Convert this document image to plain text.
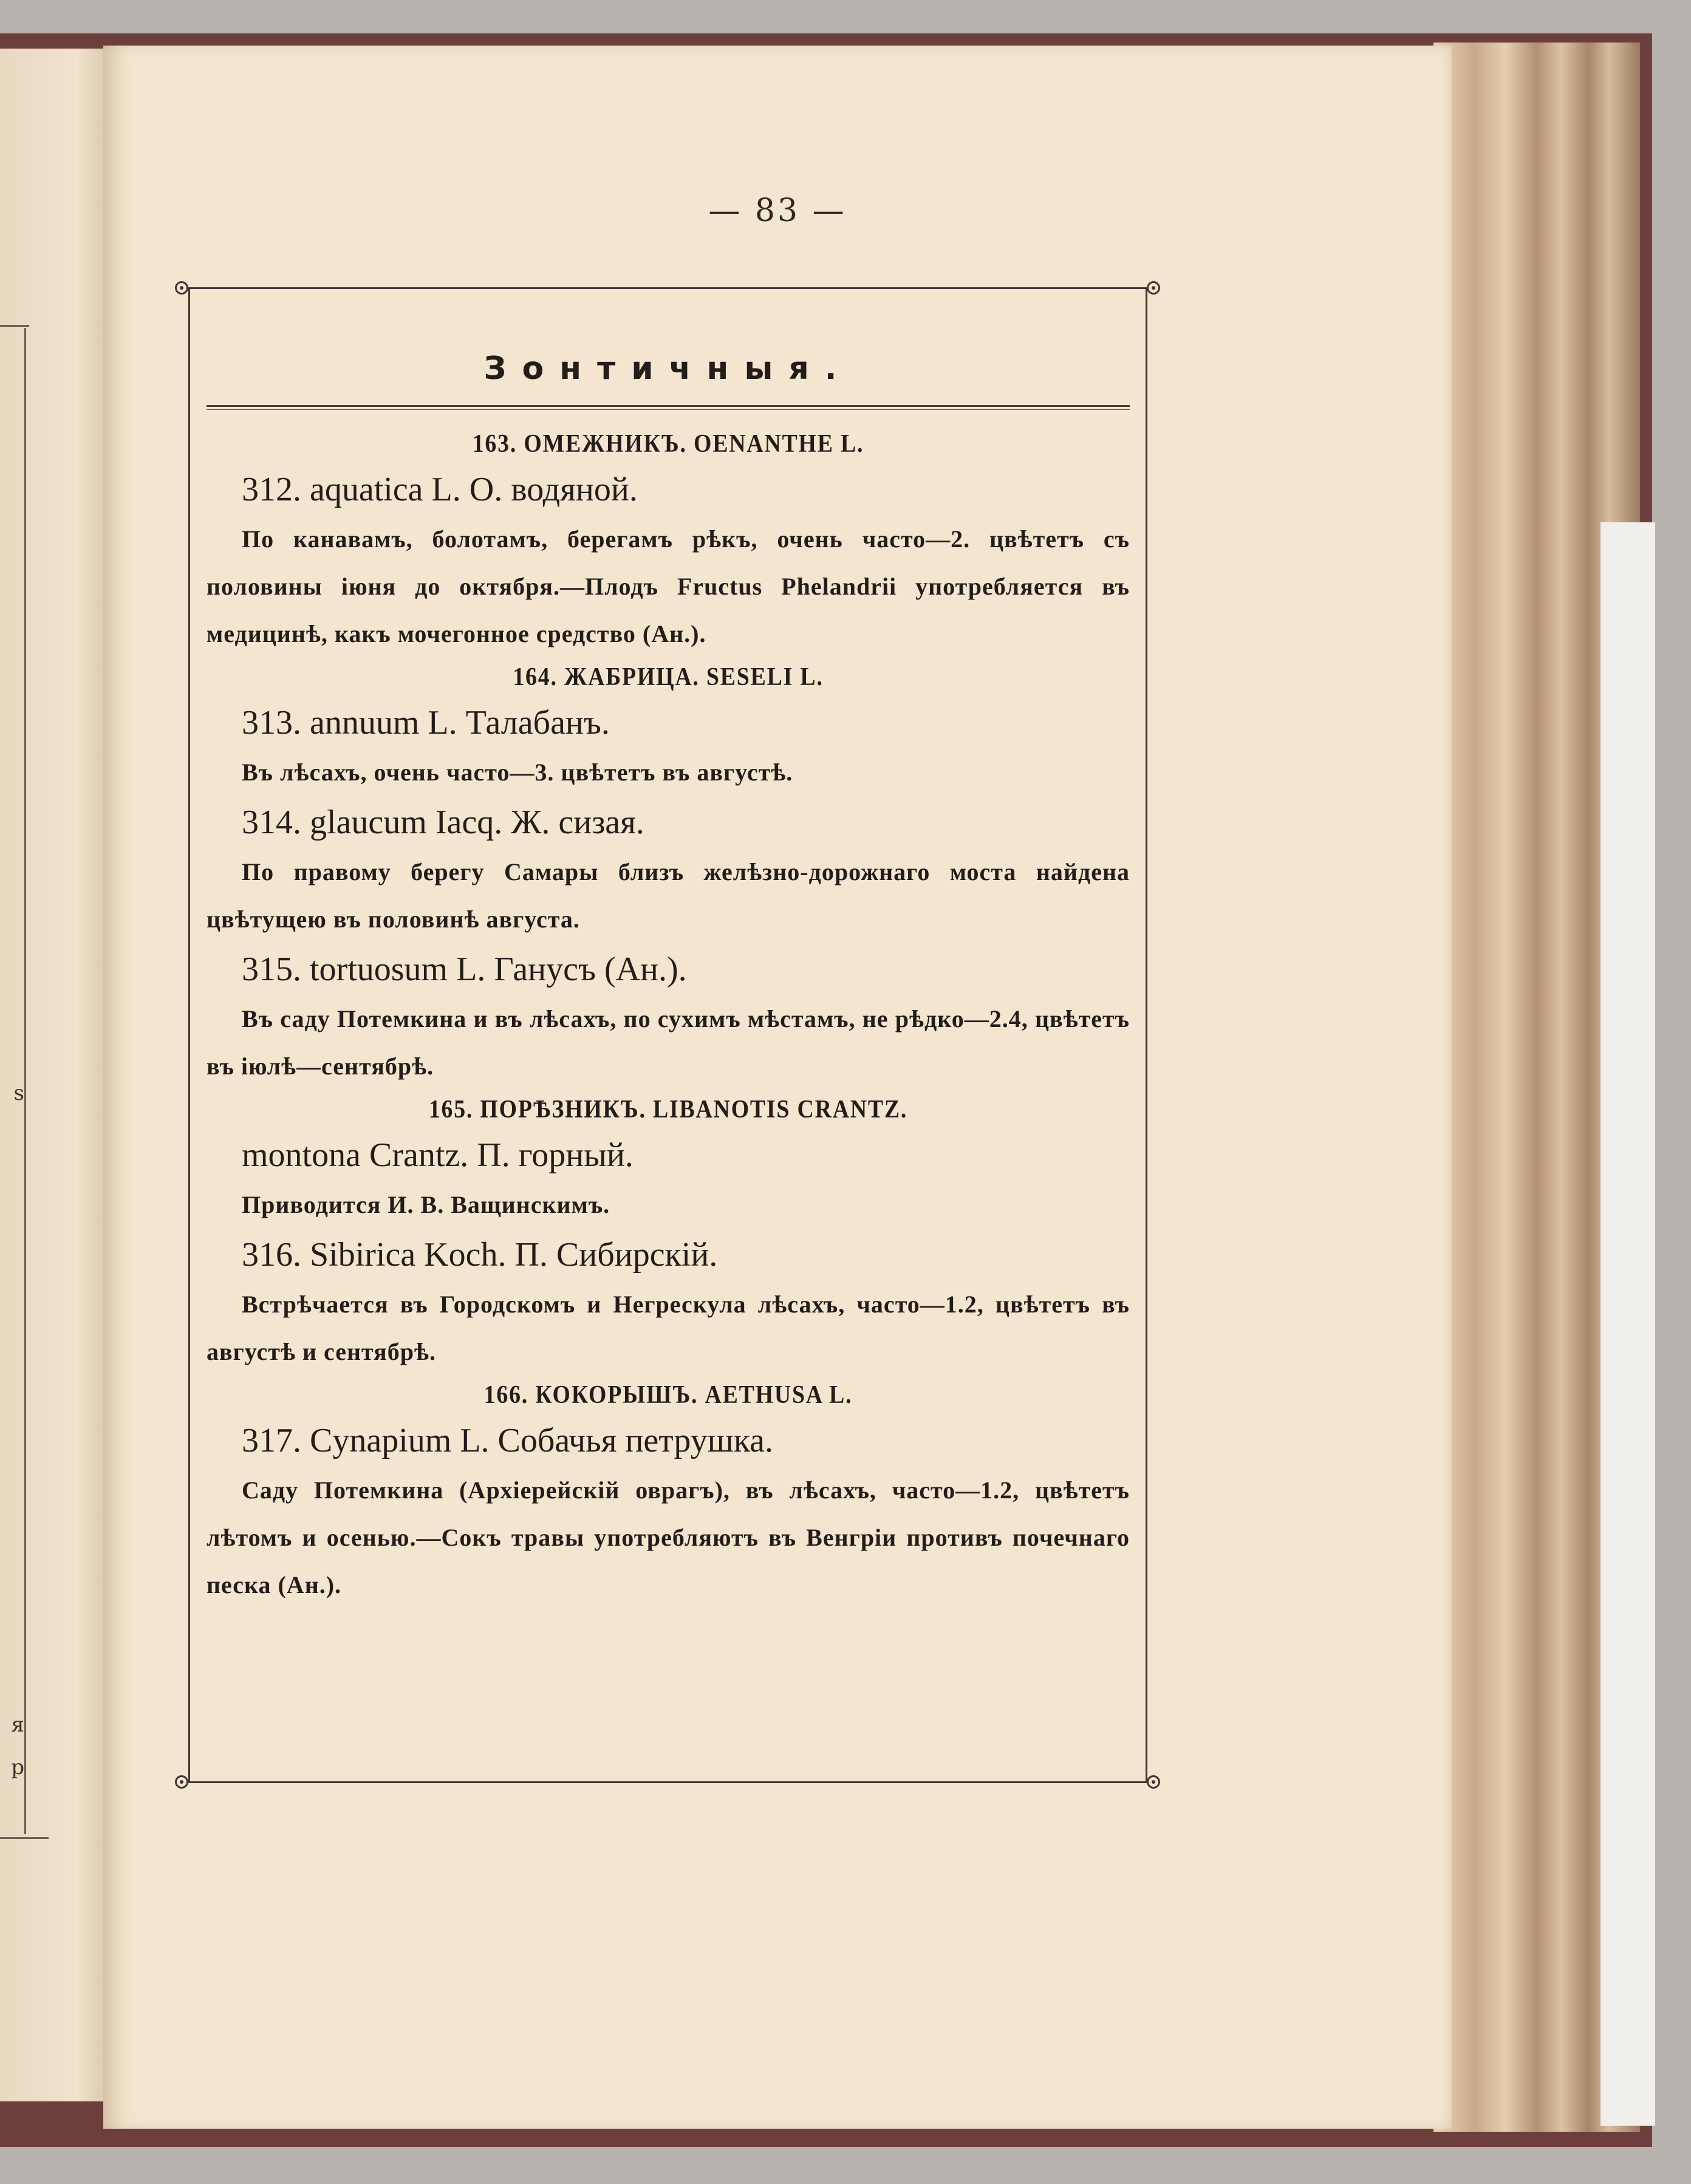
s
я
р
— 83 —
Зонтичныя.
163. ОМЕЖНИКЪ. OENANTHE L.
312. aquatica L. O. водяной.
По канавамъ, болотамъ, берегамъ рѣкъ, очень часто—2. цвѣтетъ съ половины іюня до октября.—Плодъ Fructus Phelandrii употребляется въ медицинѣ, какъ мочегонное средство (Ан.).
164. ЖАБРИЦА. SESELI L.
313. annuum L. Талабанъ.
Въ лѣсахъ, очень часто—3. цвѣтетъ въ августѣ.
314. glaucum Iacq. Ж. сизая.
По правому берегу Самары близъ желѣзно-дорожнаго моста найдена цвѣтущею въ половинѣ августа.
315. tortuosum L. Ганусъ (Ан.).
Въ саду Потемкина и въ лѣсахъ, по сухимъ мѣстамъ, не рѣдко—2.4, цвѣтетъ въ іюлѣ—сентябрѣ.
165. ПОРѢЗНИКЪ. LIBANOTIS CRANTZ.
montona Crantz. П. горный.
Приводится И. В. Ващинскимъ.
316. Sibirica Koch. П. Сибирскій.
Встрѣчается въ Городскомъ и Негрескула лѣсахъ, часто—1.2, цвѣтетъ въ августѣ и сентябрѣ.
166. КОКОРЫШЪ. AETHUSA L.
317. Cynapium L. Собачья петрушка.
Саду Потемкина (Архіерейскій оврагъ), въ лѣсахъ, часто—1.2, цвѣтетъ лѣтомъ и осенью.—Сокъ травы употребляютъ въ Венгріи противъ почечнаго песка (Ан.).
